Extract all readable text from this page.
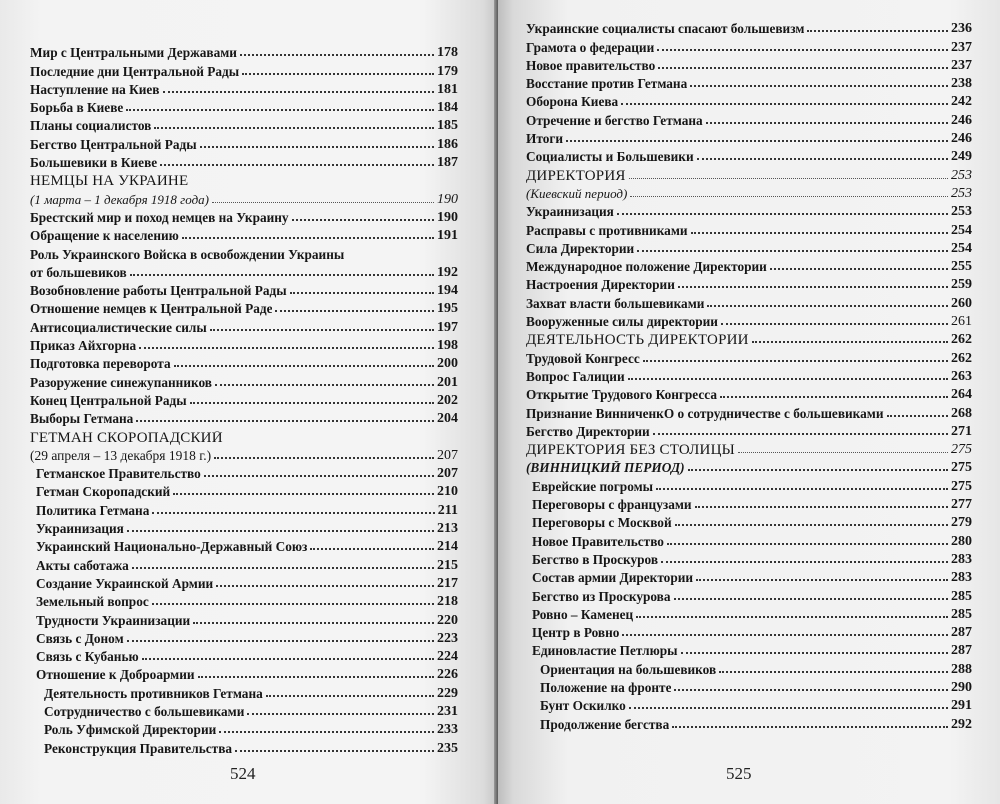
Мир с Центральными Державами	178
Последние дни Центральной Рады	179
Наступление на Киев	181
Борьба в Киеве	184
Планы социалистов	185
Бегство Центральной Рады	186
Большевики в Киеве	187
НЕМЦЫ НА УКРАИНЕ
(1 марта – 1 декабря 1918 года)	190
Брестский мир и поход немцев на Украину	190
Обращение к населению	191
Роль Украинского Войска в освобождении Украины
от большевиков	192
Возобновление работы Центральной Рады	194
Отношение немцев к Центральной Раде	195
Антисоциалистические силы	197
Приказ Айхгорна	198
Подготовка переворота	200
Разоружение синежупанников	201
Конец Центральной Рады	202
Выборы Гетмана	204
ГЕТМАН СКОРОПАДСКИЙ
(29 апреля – 13 декабря 1918 г.)	207
Гетманское Правительство	207
Гетман Скоропадский	210
Политика Гетмана	211
Украинизация	213
Украинский Национально-Державный Союз	214
Акты саботажа	215
Создание Украинской Армии	217
Земельный вопрос	218
Трудности Украинизации	220
Связь с Доном	223
Связь с Кубанью	224
Отношение к Доброармии	226
Деятельность противников Гетмана	229
Сотрудничество с большевиками	231
Роль Уфимской Директории	233
Реконструкция Правительства	235
524
Украинские социалисты спасают большевизм	236
Грамота о федерации	237
Новое правительство	237
Восстание против Гетмана	238
Оборона Киева	242
Отречение и бегство Гетмана	246
Итоги	246
Социалисты и Большевики	249
ДИРЕКТОРИЯ	253
(Киевский период)	253
Украинизация	253
Расправы с противниками	254
Сила Директории	254
Международное положение Директории	255
Настроения Директории	259
Захват власти большевиками	260
Вооруженные силы директории	261
ДЕЯТЕЛЬНОСТЬ ДИРЕКТОРИИ	262
Трудовой Конгресс	262
Вопрос Галиции	263
Открытие Трудового Конгресса	264
Признание ВинниченкО о сотрудничестве с большевиками	268
Бегство Директории	271
ДИРЕКТОРИЯ БЕЗ СТОЛИЦЫ	275
(ВИННИЦКИЙ ПЕРИОД)	275
Еврейские погромы	275
Переговоры с французами	277
Переговоры с Москвой	279
Новое Правительство	280
Бегство в Проскуров	283
Состав армии Директории	283
Бегство из Проскурова	285
Ровно – Каменец	285
Центр в Ровно	287
Единовластие Петлюры	287
Ориентация на большевиков	288
Положение на фронте	290
Бунт Оскилко	291
Продолжение бегства	292
525
